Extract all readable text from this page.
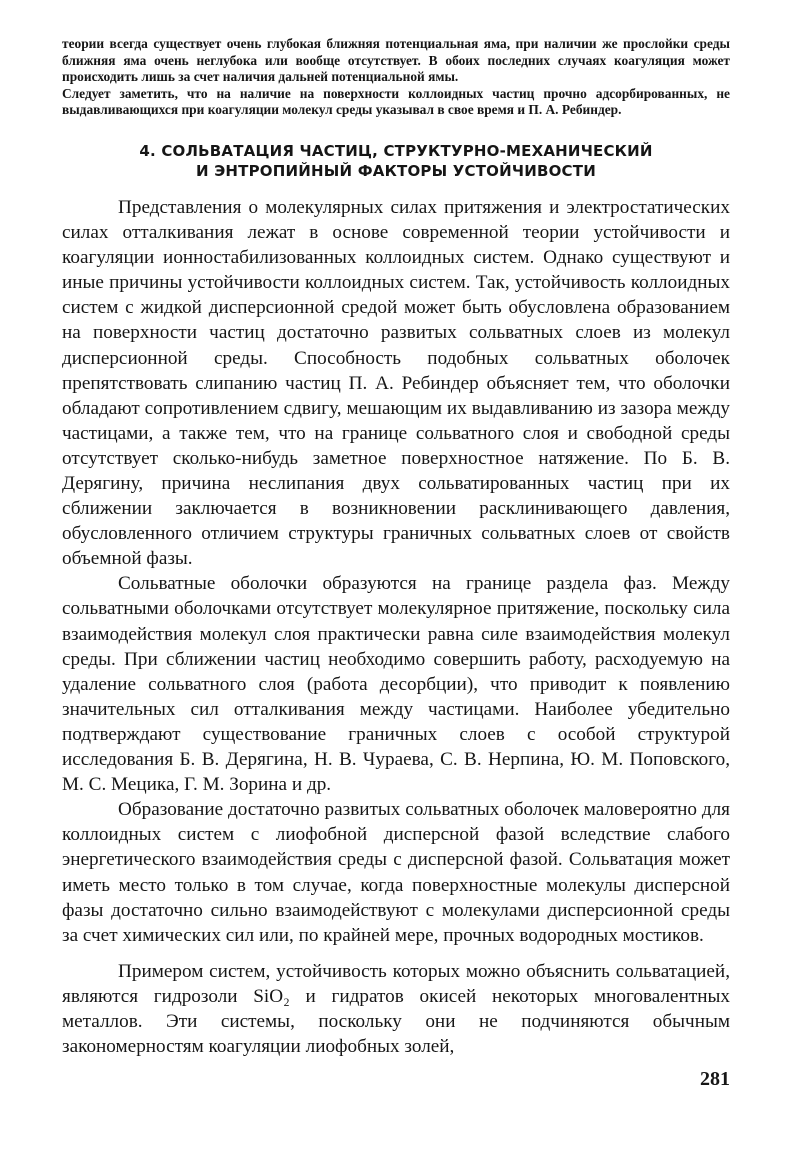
теории всегда существует очень глубокая ближняя потенциальная яма, при наличии же прослойки среды ближняя яма очень неглубока или вообще отсутствует. В обоих последних случаях коагуляция может происходить лишь за счет наличия дальней потенциальной ямы.

Следует заметить, что на наличие на поверхности коллоидных частиц прочно адсорбированных, не выдавливающихся при коагуляции молекул среды указывал в свое время и П. А. Ребиндер.

4. СОЛЬВАТАЦИЯ ЧАСТИЦ, СТРУКТУРНО-МЕХАНИЧЕСКИЙ
И ЭНТРОПИЙНЫЙ ФАКТОРЫ УСТОЙЧИВОСТИ

Представления о молекулярных силах притяжения и электростатических силах отталкивания лежат в основе современной теории устойчивости и коагуляции ионностабилизованных коллоидных систем. Однако существуют и иные причины устойчивости коллоидных систем. Так, устойчивость коллоидных систем с жидкой дисперсионной средой может быть обусловлена образованием на поверхности частиц достаточно развитых сольватных слоев из молекул дисперсионной среды. Способность подобных сольватных оболочек препятствовать слипанию частиц П. А. Ребиндер объясняет тем, что оболочки обладают сопротивлением сдвигу, мешающим их выдавливанию из зазора между частицами, а также тем, что на границе сольватного слоя и свободной среды отсутствует сколько-нибудь заметное поверхностное натяжение. По Б. В. Дерягину, причина неслипания двух сольватированных частиц при их сближении заключается в возникновении расклинивающего давления, обусловленного отличием структуры граничных сольватных слоев от свойств объемной фазы.

Сольватные оболочки образуются на границе раздела фаз. Между сольватными оболочками отсутствует молекулярное притяжение, поскольку сила взаимодействия молекул слоя практически равна силе взаимодействия молекул среды. При сближении частиц необходимо совершить работу, расходуемую на удаление сольватного слоя (работа десорбции), что приводит к появлению значительных сил отталкивания между частицами. Наиболее убедительно подтверждают существование граничных слоев с особой структурой исследования Б. В. Дерягина, Н. В. Чураева, С. В. Нерпина, Ю. М. Поповского, М. С. Мецика, Г. М. Зорина и др.

Образование достаточно развитых сольватных оболочек маловероятно для коллоидных систем с лиофобной дисперсной фазой вследствие слабого энергетического взаимодействия среды с дисперсной фазой. Сольватация может иметь место только в том случае, когда поверхностные молекулы дисперсной фазы достаточно сильно взаимодействуют с молекулами дисперсионной среды за счет химических сил или, по крайней мере, прочных водородных мостиков.

Примером систем, устойчивость которых можно объяснить сольватацией, являются гидрозоли SiO₂ и гидратов окисей некоторых многовалентных металлов. Эти системы, поскольку они не подчиняются обычным закономерностям коагуляции лиофобных золей,

281
